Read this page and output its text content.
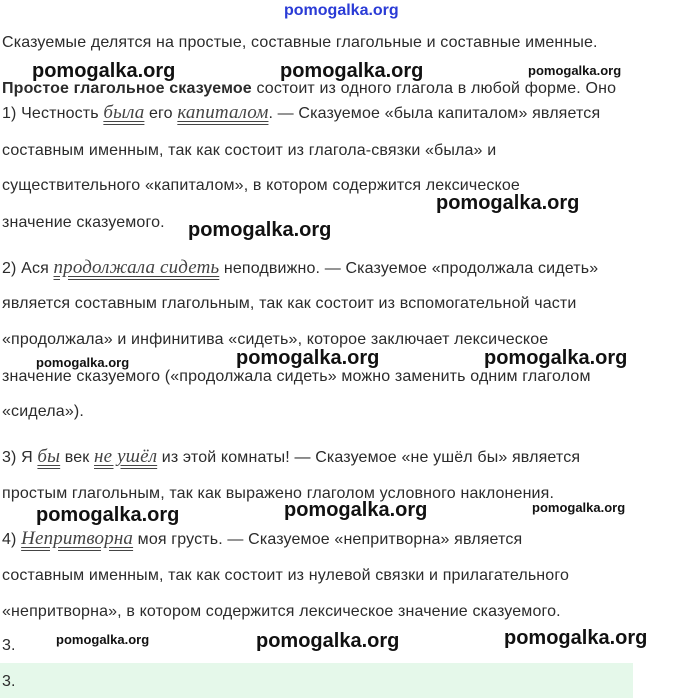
pomogalka.org
Сказуемые делятся на простые, составные глагольные и составные именные.
Простое глагольное сказуемое состоит из одного глагола в любой форме. Оно
1) Честность была его капиталом. — Сказуемое «была капиталом» является
составным именным, так как состоит из глагола-связки «была» и
существительного «капиталом», в котором содержится лексическое
значение сказуемого.
2) Ася продолжала сидеть неподвижно. — Сказуемое «продолжала сидеть»
является составным глагольным, так как состоит из вспомогательной части
«продолжала» и инфинитива «сидеть», которое заключает лексическое
значение сказуемого («продолжала сидеть» можно заменить одним глаголом
«сидела»).
3) Я бы век не ушёл из этой комнаты! — Сказуемое «не ушёл бы» является
простым глагольным, так как выражено глаголом условного наклонения.
4) Непритворна моя грусть. — Сказуемое «непритворна» является
составным именным, так как состоит из нулевой связки и прилагательного
«непритворна», в котором содержится лексическое значение сказуемого.
3.
3.
pomogalka.org	pomogalka.org	pomogalka.org
pomogalka.org
pomogalka.org
pomogalka.org	pomogalka.org	pomogalka.org
pomogalka.org	pomogalka.org	pomogalka.org
pomogalka.org	pomogalka.org	pomogalka.org
